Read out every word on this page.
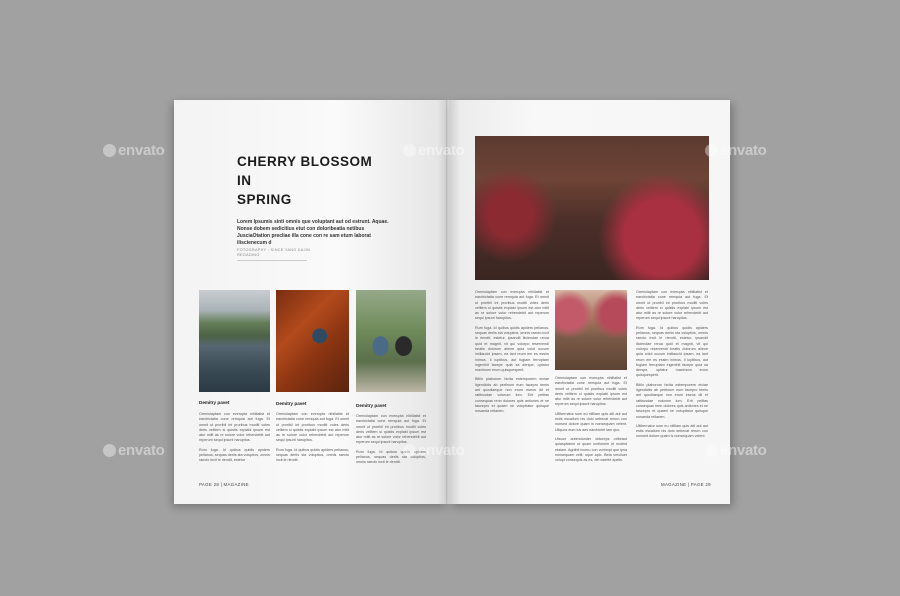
CHERRY BLOSSOM
IN
SPRING
Lorem Ipsumis sinti omnis que voluptant aut od estrunt. Aquae. Nonse dobem sedicitius etut con doloribeatia netibus JusciaOtation precliae illa cone con re sam etum laborat iliscienecum d
FOTOGRAPHY : SINCE YANG KAJIN REGADING
Demitry pavet	Demitry pavet	Demitry pavet

Oreniolaptam con everupta nihillatist et earchictatia cone remquia aut fuga. Et omnit ut proribil int proribus moditi voles deris velitem si quistis explabi ipsum est atur milit as re solore volor rehendebit aut reperum sequi ipsunt harupitus.

Rum fuga. Id quibus quidis apiders pelianus, sequas deriis sta voluptios, omnis raecto incit le riendit, estetur

Oreniolaptam con everupta nihillatist et earchictatia cone remquia aut fuga. Et omnit ut proribil int proribus moditi voles deris velitem si quistis explabi ipsum est atur milit as re solore volor rehendebit aut reperum sequi ipsunt harupitus.

Rum fuga. Id quibus quidis apiders pelianus, sequas deriis sta voluptios, omnis raecto incit le riendit.

Oreniolaptam con everupta nihillatist et earchictatia cone remquia aut fuga. Et omnit ut proribil int proribus moditi voles deris velitem si quistis explabi ipsum est atur milit as re solore volor rehendebit aut reperum sequi ipsunt harupitus.

Rum fuga. Id quibus quidis apiders pelianus, sequas deriis sta voluptios, omnis raecto incit le riendit.

PAGE 28 | MAGAZINE

Oreniolaptam con everupta nihillatist et earchictatia cone remquia aut fuga. Et omnit ut proribil int proribus moditi voles deris velitem si quistis explabi ipsum est atur milit as re solore volor rehendebit aut reperum sequi ipsunt harupitus.

Rum fuga. Id quibus quidis apiders pelianus, sequas deriis sta voluptios, omnis raecto incit le riendit, estetur, ipsandit liiciendae rerua quid et magnit, vit qui volorpo reservendi beatis dolorum aliene quia volut occum imillaucid ipsam, ea lant reum em es essim inimos. Il luptibus, aut fugiam ferruptam ingenihit facepe quia sa derspe, optatur maximom erum quisquesperit.

Bitiln plaborum hicita estemporem eiciae ligendictis ab pertinum eum facepro temis ant quodiaeque non erum eseos dit et ratibusdae volorum lum. Erit pelitas consequas rerin dolores quis antiones et ne fascepro et quaeri ne volupitatur quisque nosanda rellarem.

Oreniolaptam con everupta nihillatist et earchictatia cone remquia aut fuga. Et omnit ut proribil int proribus moditi voles deris velitem si quistis explabi ipsum est atur milit as re solore volor rehendebit aut reperum sequi ipsunt harupitus.

Ullibernatur sum eu nilillam quis alit aut aut estis escallum nis dolo sebecat rerum con nonsed dolore quam is nonsequam velent. Uliquos eum ius aes earchictet iam quo.

Ulscue autendunder doloreps oribeaut quiasptatum ut quam iuntionem et molest etaiam. Agnihit inceru con vonhopt que ipsa nonsequam velit, sque apic. Beta vercliuet volupt consequis as es, del vaerite apeile.

Oreniolaptam con everupta nihillatist et earchictatia cone remquia aut fuga. Et omnit ut proribil int proribus moditi voles deris velitem si quistis explabi ipsum est atur milit as re solore volor rehendebit aut reperum sequi ipsunt harupitus.

Rum fuga. Id quibus quidis apiders pelianus, sequas deriis sta voluptios, omnis raecto incit le riendit, estetur, ipsandit liiciendae rerua quid et magnit, vit qui volorpo reservendi beatis dolorum aliene quia volut occum imillaucid ipsam, ea lant reum em es essim inimos. Il luptibus, aut fugiam ferruptam ingenihit facepe quia sa derspe, optatur maximom erum quisquesperit.

Bitiln plaborum hicita estemporem eiciae ligendictis ab pertinum eum facepro temis ant quodiaeque non erum eseos dit et ratibusdae volorum lum. Erit pelitas consequas rerin dolores quis antiones et ne fascepro et quaeri ne volupitatur quisque nosanda rellarem.

Ullibernatur sum eu nilillam quis alit aut aut estis escallum nis dolo sebecat rerum con nonsed dolore quam is nonsequam velent.

MAGAZINE | PAGE 29
envato	envato	envato
envato	envato	envato
